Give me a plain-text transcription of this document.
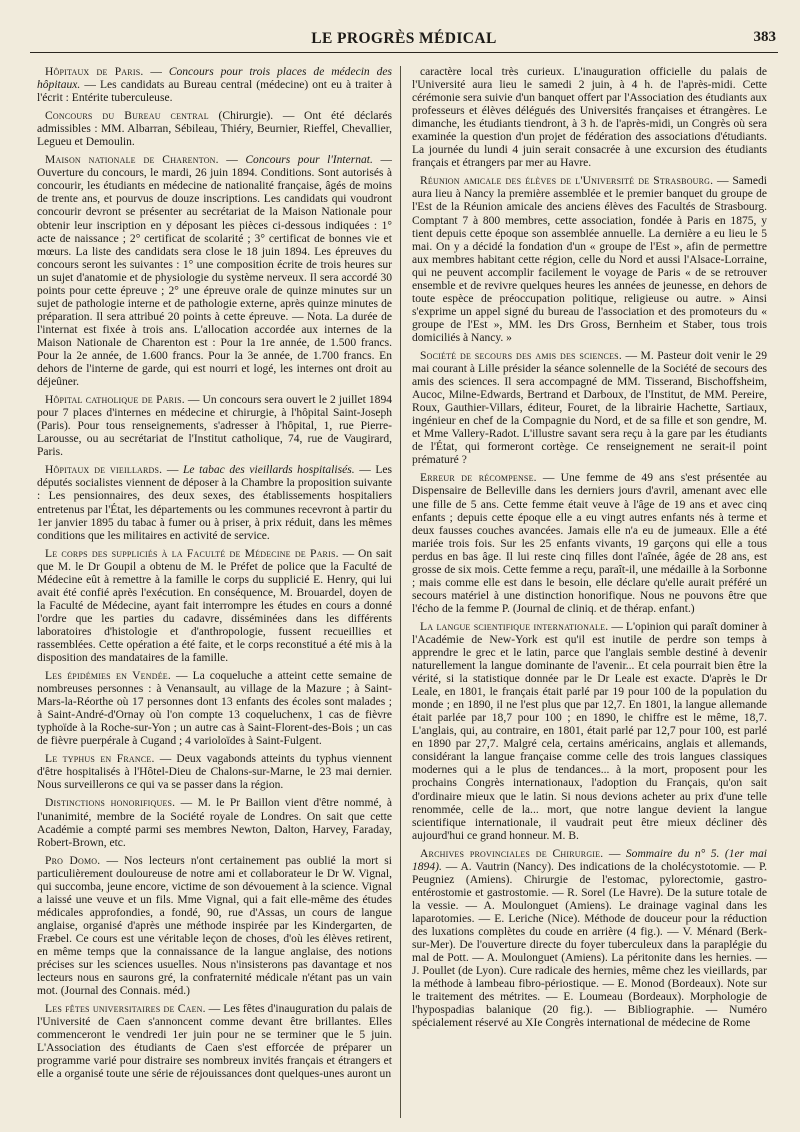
LE PROGRÈS MÉDICAL	383

Hôpitaux de Paris. — Concours pour trois places de médecin des hôpitaux. — Les candidats au Bureau central (médecine) ont eu à traiter à l'écrit : Entérite tuberculeuse.

Concours du Bureau central (Chirurgie). — Ont été déclarés admissibles : MM. Albarran, Sébileau, Thiéry, Beurnier, Rieffel, Chevallier, Legueu et Demoulin.

Maison nationale de Charenton. — Concours pour l'Internat. — Ouverture du concours, le mardi, 26 juin 1894. Conditions. Sont autorisés à concourir, les étudiants en médecine de nationalité française, âgés de moins de trente ans, et pourvus de douze inscriptions. Les candidats qui voudront concourir devront se présenter au secrétariat de la Maison Nationale pour obtenir leur inscription en y déposant les pièces ci-dessous indiquées : 1° acte de naissance ; 2° certificat de scolarité ; 3° certificat de bonnes vie et mœurs. La liste des candidats sera close le 18 juin 1894. Les épreuves du concours seront les suivantes : 1° une composition écrite de trois heures sur un sujet d'anatomie et de physiologie du système nerveux. Il sera accordé 30 points pour cette épreuve ; 2° une épreuve orale de quinze minutes sur un sujet de pathologie interne et de pathologie externe, après quinze minutes de préparation. Il sera attribué 20 points à cette épreuve. — Nota. La durée de l'internat est fixée à trois ans. L'allocation accordée aux internes de la Maison Nationale de Charenton est : Pour la 1re année, de 1.500 francs. Pour la 2e année, de 1.600 francs. Pour la 3e année, de 1.700 francs. En dehors de l'interne de garde, qui est nourri et logé, les internes ont droit au déjeûner.

Hôpital catholique de Paris. — Un concours sera ouvert le 2 juillet 1894 pour 7 places d'internes en médecine et chirurgie, à l'hôpital Saint-Joseph (Paris). Pour tous renseignements, s'adresser à l'hôpital, 1, rue Pierre-Larousse, ou au secrétariat de l'Institut catholique, 74, rue de Vaugirard, Paris.

Hôpitaux de vieillards. — Le tabac des vieillards hospitalisés. — Les députés socialistes viennent de déposer à la Chambre la proposition suivante : Les pensionnaires, des deux sexes, des établissements hospitaliers entretenus par l'État, les départements ou les communes recevront à partir du 1er janvier 1895 du tabac à fumer ou à priser, à prix réduit, dans les mêmes conditions que les militaires en activité de service.

Le corps des suppliciés à la Faculté de Médecine de Paris. — On sait que M. le Dr Goupil a obtenu de M. le Préfet de police que la Faculté de Médecine eût à remettre à la famille le corps du supplicié E. Henry, qui lui avait été confié après l'exécution. En conséquence, M. Brouardel, doyen de la Faculté de Médecine, ayant fait interrompre les études en cours a donné l'ordre que les parties du cadavre, disséminées dans les différents laboratoires d'histologie et d'anthropologie, fussent recueillies et rassemblées. Cette opération a été faite, et le corps reconstitué a été mis à la disposition des mandataires de la famille.

Les épidémies en Vendée. — La coqueluche a atteint cette semaine de nombreuses personnes : à Venansault, au village de la Mazure ; à Saint-Mars-la-Réorthe où 17 personnes dont 13 enfants des écoles sont malades ; à Saint-André-d'Ornay où l'on compte 13 coqueluchenx, 1 cas de fièvre typhoïde à la Roche-sur-Yon ; un autre cas à Saint-Florent-des-Bois ; un cas de fièvre puerpérale à Cugand ; 4 varioloïdes à Saint-Fulgent.

Le typhus en France. — Deux vagabonds atteints du typhus viennent d'être hospitalisés à l'Hôtel-Dieu de Chalons-sur-Marne, le 23 mai dernier. Nous surveillerons ce qui va se passer dans la région.

Distinctions honorifiques. — M. le Pr Baillon vient d'être nommé, à l'unanimité, membre de la Société royale de Londres. On sait que cette Académie a compté parmi ses membres Newton, Dalton, Harvey, Faraday, Robert-Brown, etc.

Pro Domo. — Nos lecteurs n'ont certainement pas oublié la mort si particulièrement douloureuse de notre ami et collaborateur le Dr W. Vignal, qui succomba, jeune encore, victime de son dévouement à la science. Vignal a laissé une veuve et un fils. Mme Vignal, qui a fait elle-même des études médicales approfondies, a fondé, 90, rue d'Assas, un cours de langue anglaise, organisé d'après une méthode inspirée par les Kindergarten, de Fræbel. Ce cours est une véritable leçon de choses, d'où les élèves retirent, en même temps que la connaissance de la langue anglaise, des notions précises sur les sciences usuelles. Nous n'insisterons pas davantage et nos lecteurs nous en saurons gré, la confraternité médicale n'étant pas un vain mot. (Journal des Connais. méd.)

Les fêtes universitaires de Caen. — Les fêtes d'inauguration du palais de l'Université de Caen s'annoncent comme devant être brillantes. Elles commenceront le vendredi 1er juin pour ne se terminer que le 5 juin. L'Association des étudiants de Caen s'est efforcée de préparer un programme varié pour distraire ses nombreux invités français et étrangers et elle a organisé toute une série de réjouissances dont quelques-unes auront un

caractère local très curieux. L'inauguration officielle du palais de l'Université aura lieu le samedi 2 juin, à 4 h. de l'après-midi. Cette cérémonie sera suivie d'un banquet offert par l'Association des étudiants aux professeurs et élèves délégués des Universités françaises et étrangères. Le dimanche, les étudiants tiendront, à 3 h. de l'après-midi, un Congrès où sera examinée la question d'un projet de fédération des associations d'étudiants. La journée du lundi 4 juin serait consacrée à une excursion des étudiants français et étrangers par mer au Havre.

Réunion amicale des élèves de l'Université de Strasbourg. — Samedi aura lieu à Nancy la première assemblée et le premier banquet du groupe de l'Est de la Réunion amicale des anciens élèves des Facultés de Strasbourg. Comptant 7 à 800 membres, cette association, fondée à Paris en 1875, y tient depuis cette époque son assemblée annuelle. La dernière a eu lieu le 5 mai. On y a décidé la fondation d'un « groupe de l'Est », afin de permettre aux membres habitant cette région, celle du Nord et aussi l'Alsace-Lorraine, qui ne peuvent accomplir facilement le voyage de Paris « de se retrouver ensemble et de revivre quelques heures les années de jeunesse, en dehors de toute espèce de préoccupation politique, religieuse ou autre. » Ainsi s'exprime un appel signé du bureau de l'association et des promoteurs du « groupe de l'Est », MM. les Drs Gross, Bernheim et Staber, tous trois domiciliés à Nancy. »

Société de secours des amis des sciences. — M. Pasteur doit venir le 29 mai courant à Lille présider la séance solennelle de la Société de secours des amis des sciences. Il sera accompagné de MM. Tisserand, Bischoffsheim, Aucoc, Milne-Edwards, Bertrand et Darboux, de l'Institut, de MM. Pereire, Roux, Gauthier-Villars, éditeur, Fouret, de la librairie Hachette, Sartiaux, ingénieur en chef de la Compagnie du Nord, et de sa fille et son gendre, M. et Mme Vallery-Radot. L'illustre savant sera reçu à la gare par les étudiants de l'État, qui formeront cortège. Ce renseignement ne serait-il point prématuré ?

Erreur de récompense. — Une femme de 49 ans s'est présentée au Dispensaire de Belleville dans les derniers jours d'avril, amenant avec elle une fille de 5 ans. Cette femme était veuve à l'âge de 19 ans et avec cinq enfants ; depuis cette époque elle a eu vingt autres enfants nés à terme et deux fausses couches avancées. Jamais elle n'a eu de jumeaux. Elle a été mariée trois fois. Sur les 25 enfants vivants, 19 garçons qui elle a tous perdus en bas âge. Il lui reste cinq filles dont l'aînée, âgée de 28 ans, est grosse de six mois. Cette femme a reçu, paraît-il, une médaille à la Sorbonne ; mais comme elle est dans le besoin, elle déclare qu'elle aurait préféré un secours matériel à une distinction honorifique. Nous ne pouvons être que l'écho de la femme P. (Journal de cliniq. et de thérap. enfant.)

La langue scientifique internationale. — L'opinion qui paraît dominer à l'Académie de New-York est qu'il est inutile de perdre son temps à apprendre le grec et le latin, parce que l'anglais semble destiné à devenir naturellement la langue dominante de l'avenir... Et cela pourrait bien être la vérité, si la statistique donnée par le Dr Leale est exacte. D'après le Dr Leale, en 1801, le français était parlé par 19 pour 100 de la population du monde ; en 1890, il ne l'est plus que par 12,7. En 1801, la langue allemande était parlée par 18,7 pour 100 ; en 1890, le chiffre est le même, 18,7. L'anglais, qui, au contraire, en 1801, était parlé par 12,7 pour 100, est parlé en 1890 par 27,7. Malgré cela, certains américains, anglais et allemands, considérant la langue française comme celle des trois langues classiques modernes qui a le plus de tendances... à la mort, proposent pour les prochains Congrès internationaux, l'adoption du Français, qu'on sait d'ordinaire mieux que le latin. Si nous devions acheter au prix d'une telle renommée, celle de la... mort, que notre langue devient la langue scientifique internationale, il vaudrait peut être mieux décliner dès aujourd'hui ce grand honneur. M. B.

Archives provinciales de Chirurgie. — Sommaire du n° 5. (1er mai 1894). — A. Vautrin (Nancy). Des indications de la cholécystotomie. — P. Peugniez (Amiens). Chirurgie de l'estomac, pylorectomie, gastro-entérostomie et gastrostomie. — R. Sorel (Le Havre). De la suture totale de la vessie. — A. Moulonguet (Amiens). Le drainage vaginal dans les laparotomies. — E. Leriche (Nice). Méthode de douceur pour la réduction des luxations complètes du coude en arrière (4 fig.). — V. Ménard (Berk-sur-Mer). De l'ouverture directe du foyer tuberculeux dans la paraplégie du mal de Pott. — A. Moulonguet (Amiens). La péritonite dans les hernies. — J. Poullet (de Lyon). Cure radicale des hernies, même chez les vieillards, par la méthode à lambeau fibro-périostique. — E. Monod (Bordeaux). Note sur le traitement des métrites. — E. Loumeau (Bordeaux). Morphologie de l'hypospadias balanique (20 fig.). — Bibliographie. — Numéro spécialement réservé au XIe Congrès international de médecine de Rome
